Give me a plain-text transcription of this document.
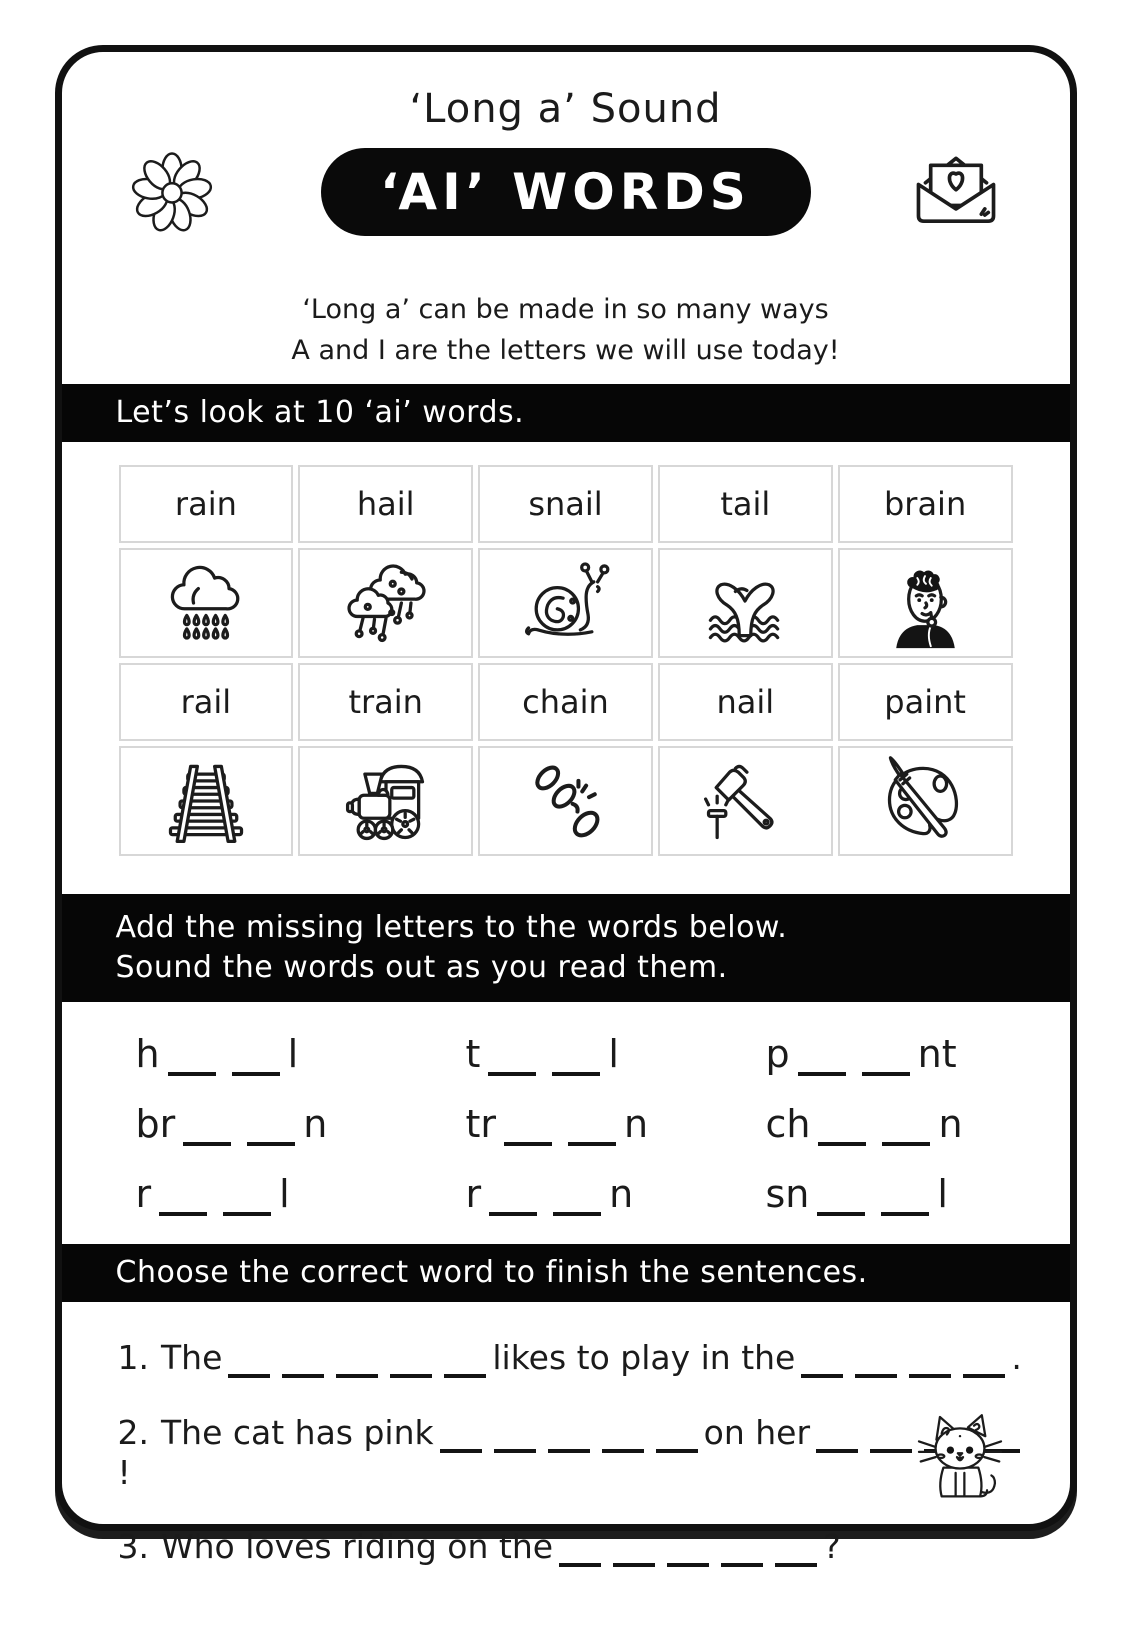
‘Long a’ Sound
‘AI’ WORDS
‘Long a’ can be made in so many ways
A and I are the letters we will use today!
Let’s look at 10 ‘ai’ words.
rain	hail	snail	tail	brain
rail	train	chain	nail	paint
Add the missing letters to the words below.
Sound the words out as you read them.
h	l	t	l	p	nt
br	n	tr	n	ch	n
r	l	r	n	sn	l
Choose the correct word to finish the sentences.
1. The	likes to play in the	.
2. The cat has pink	on her!
3. Who loves riding on the	?
